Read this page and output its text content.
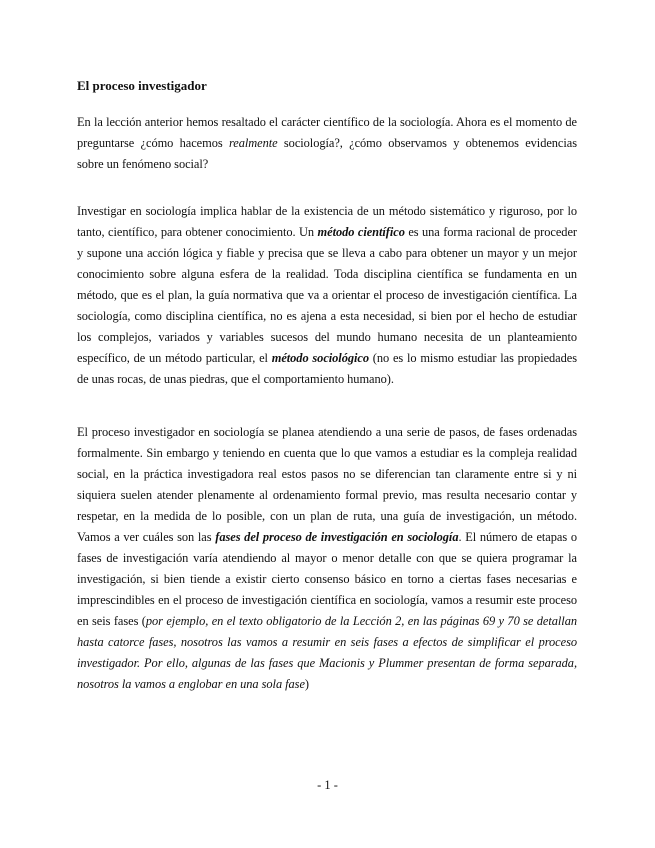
El proceso investigador

En la lección anterior hemos resaltado el carácter científico de la sociología. Ahora es el momento de preguntarse ¿cómo hacemos realmente sociología?, ¿cómo observamos y obtenemos evidencias sobre un fenómeno social?

Investigar en sociología implica hablar de la existencia de un método sistemático y riguroso, por lo tanto, científico, para obtener conocimiento. Un método científico es una forma racional de proceder y supone una acción lógica y fiable y precisa que se lleva a cabo para obtener un mayor y un mejor conocimiento sobre alguna esfera de la realidad. Toda disciplina científica se fundamenta en un método, que es el plan, la guía normativa que va a orientar el proceso de investigación científica. La sociología, como disciplina científica, no es ajena a esta necesidad, si bien por el hecho de estudiar los complejos, variados y variables sucesos del mundo humano necesita de un planteamiento específico, de un método particular, el método sociológico (no es lo mismo estudiar las propiedades de unas rocas, de unas piedras, que el comportamiento humano).

El proceso investigador en sociología se planea atendiendo a una serie de pasos, de fases ordenadas formalmente. Sin embargo y teniendo en cuenta que lo que vamos a estudiar es la compleja realidad social, en la práctica investigadora real estos pasos no se diferencian tan claramente entre si y ni siquiera suelen atender plenamente al ordenamiento formal previo, mas resulta necesario contar y respetar, en la medida de lo posible, con un plan de ruta, una guía de investigación, un método. Vamos a ver cuáles son las fases del proceso de investigación en sociología. El número de etapas o fases de investigación varía atendiendo al mayor o menor detalle con que se quiera programar la investigación, si bien tiende a existir cierto consenso básico en torno a ciertas fases necesarias e imprescindibles en el proceso de investigación científica en sociología, vamos a resumir este proceso en seis fases (por ejemplo, en el texto obligatorio de la Lección 2, en las páginas 69 y 70 se detallan hasta catorce fases, nosotros las vamos a resumir en seis fases a efectos de simplificar el proceso investigador. Por ello, algunas de las fases que Macionis y Plummer presentan de forma separada, nosotros la vamos a englobar en una sola fase)

- 1 -
